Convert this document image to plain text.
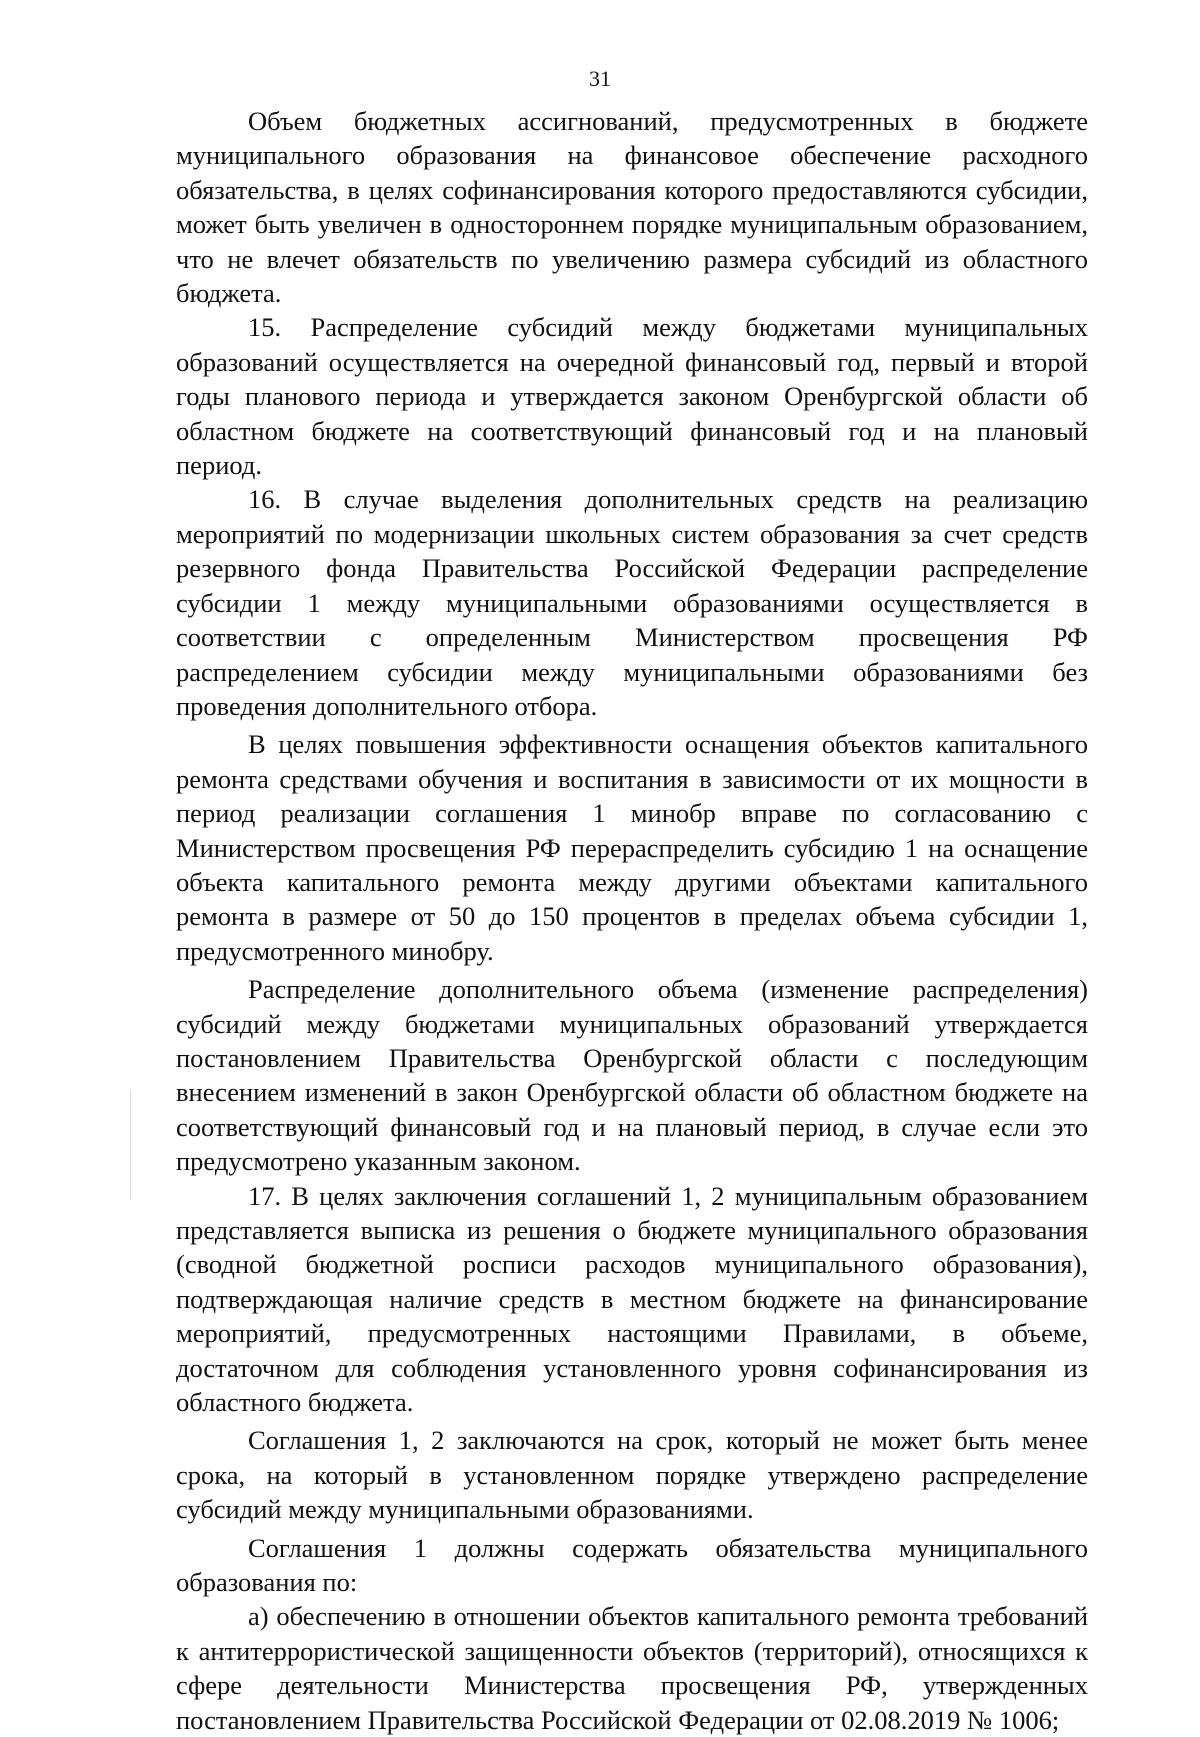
31

Объем бюджетных ассигнований, предусмотренных в бюджете муниципального образования на финансовое обеспечение расходного обязательства, в целях софинансирования которого предоставляются субсидии, может быть увеличен в одностороннем порядке муниципальным образованием, что не влечет обязательств по увеличению размера субсидий из областного бюджета.

15. Распределение субсидий между бюджетами муниципальных образований осуществляется на очередной финансовый год, первый и второй годы планового периода и утверждается законом Оренбургской области об областном бюджете на соответствующий финансовый год и на плановый период.

16. В случае выделения дополнительных средств на реализацию мероприятий по модернизации школьных систем образования за счет средств резервного фонда Правительства Российской Федерации распределение субсидии 1 между муниципальными образованиями осуществляется в соответствии с определенным Министерством просвещения РФ распределением субсидии между муниципальными образованиями без проведения дополнительного отбора.

В целях повышения эффективности оснащения объектов капитального ремонта средствами обучения и воспитания в зависимости от их мощности в период реализации соглашения 1 минобр вправе по согласованию с Министерством просвещения РФ перераспределить субсидию 1 на оснащение объекта капитального ремонта между другими объектами капитального ремонта в размере от 50 до 150 процентов в пределах объема субсидии 1, предусмотренного минобру.

Распределение дополнительного объема (изменение распределения) субсидий между бюджетами муниципальных образований утверждается постановлением Правительства Оренбургской области с последующим внесением изменений в закон Оренбургской области об областном бюджете на соответствующий финансовый год и на плановый период, в случае если это предусмотрено указанным законом.

17. В целях заключения соглашений 1, 2 муниципальным образованием представляется выписка из решения о бюджете муниципального образования (сводной бюджетной росписи расходов муниципального образования), подтверждающая наличие средств в местном бюджете на финансирование мероприятий, предусмотренных настоящими Правилами, в объеме, достаточном для соблюдения установленного уровня софинансирования из областного бюджета.

Соглашения 1, 2 заключаются на срок, который не может быть менее срока, на который в установленном порядке утверждено распределение субсидий между муниципальными образованиями.

Соглашения 1 должны содержать обязательства муниципального образования по:

а) обеспечению в отношении объектов капитального ремонта требований к антитеррористической защищенности объектов (территорий), относящихся к сфере деятельности Министерства просвещения РФ, утвержденных постановлением Правительства Российской Федерации от 02.08.2019 № 1006;
